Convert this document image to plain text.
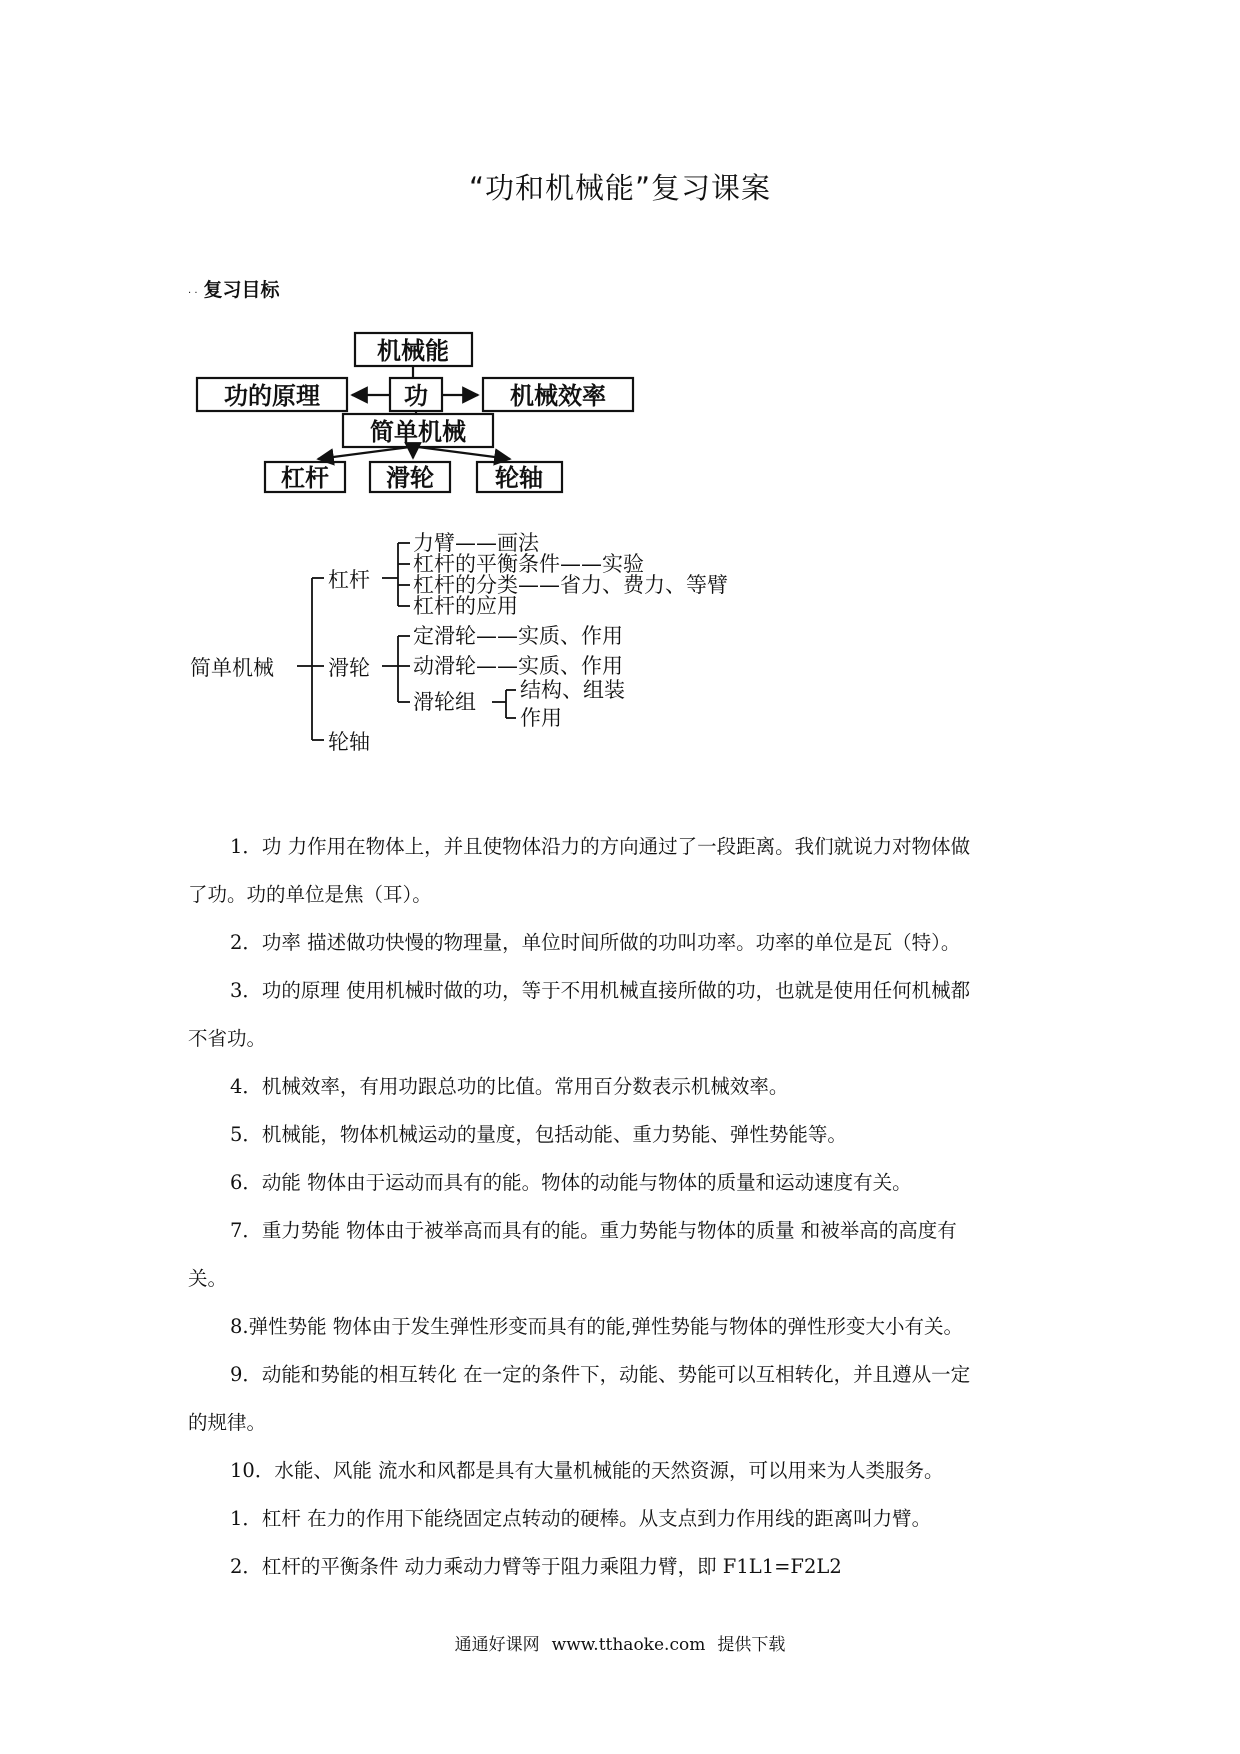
“功和机械能”复习课案
. . 复习目标
机械能
功的原理	功	机械效率
简单机械
杠杆 滑轮	轮轴
简单机械
杠杆
力臂——画法
杠杆的平衡条件——实验
杠杆的分类——省力、费力、等臂
杠杆的应用
滑轮
定滑轮——实质、作用
动滑轮——实质、作用
滑轮组 结构、组装
作用
轮轴
1．功 力作用在物体上，并且使物体沿力的方向通过了一段距离。我们就说力对物体做
了功。功的单位是焦（耳）。
2．功率 描述做功快慢的物理量，单位时间所做的功叫功率。功率的单位是瓦（特）。
3．功的原理 使用机械时做的功，等于不用机械直接所做的功，也就是使用任何机械都
不省功。
4．机械效率，有用功跟总功的比值。常用百分数表示机械效率。
5．机械能，物体机械运动的量度，包括动能、重力势能、弹性势能等。
6．动能 物体由于运动而具有的能。物体的动能与物体的质量和运动速度有关。
7．重力势能 物体由于被举高而具有的能。重力势能与物体的质量 和被举高的高度有
关。
8.弹性势能 物体由于发生弹性形变而具有的能,弹性势能与物体的弹性形变大小有关。
9．动能和势能的相互转化 在一定的条件下，动能、势能可以互相转化，并且遵从一定
的规律。
10．水能、风能 流水和风都是具有大量机械能的天然资源，可以用来为人类服务。
1．杠杆 在力的作用下能绕固定点转动的硬棒。从支点到力作用线的距离叫力臂。
2．杠杆的平衡条件 动力乘动力臂等于阻力乘阻力臂，即 F1L1=F2L2
通通好课网 www.tthaoke.com 提供下载
